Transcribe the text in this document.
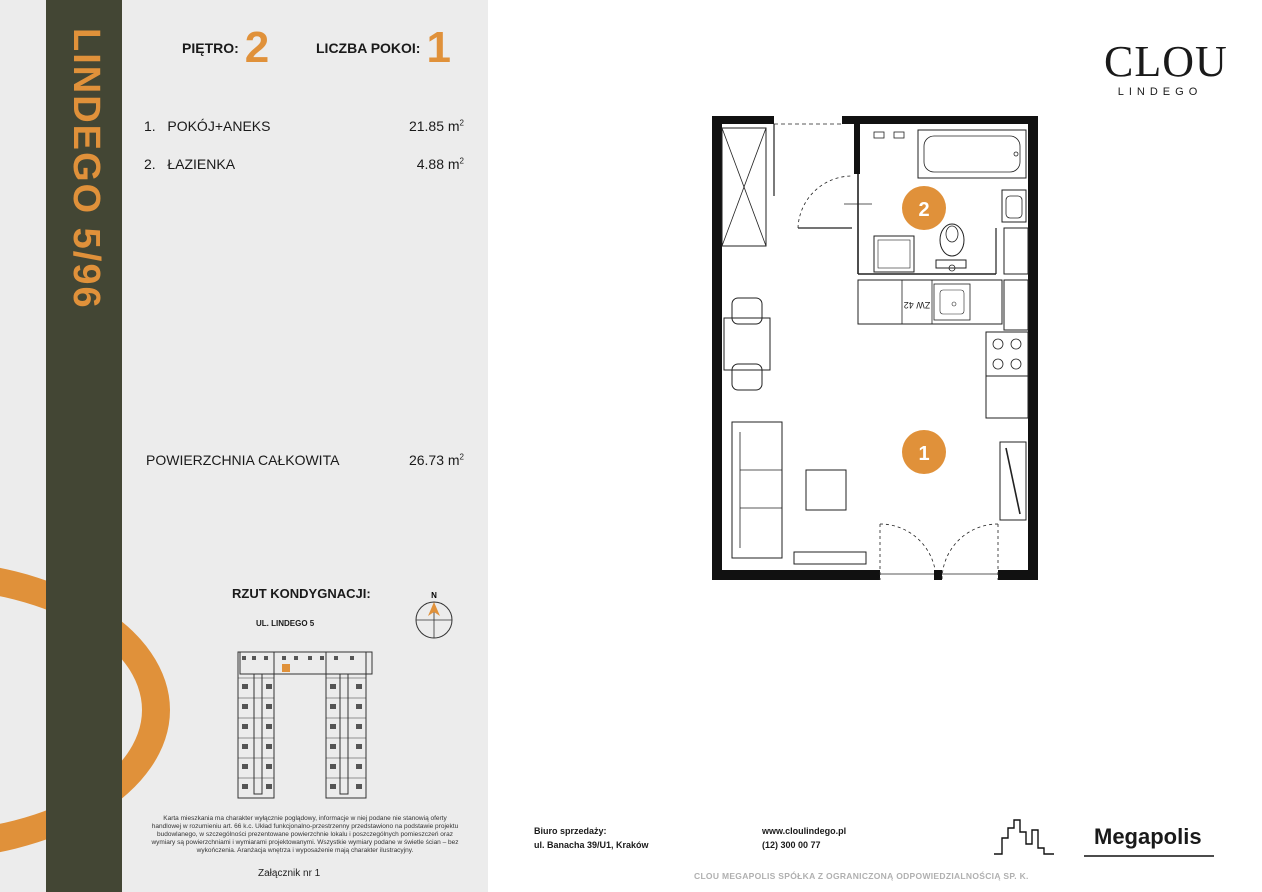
LINDEGO 5/96	PIĘTRO: 2	LICZBA POKOI: 1
1. POKÓJ+ANEKS	21.85 $m^2$
2. ŁAZIENKA	4.88 $m^2$
POWIERZCHNIA CAŁKOWITA	26.73 $m^2$
RZUT KONDYGNACJI:
UL. LINDEGO 5
N
Karta mieszkania ma charakter wyłącznie poglądowy, informacje w niej podane nie stanowią oferty handlowej w rozumieniu art. 66 k.c. Układ funkcjonalno-przestrzenny przedstawiono na podstawie projektu budowlanego, w szczególności prezentowane powierzchnie lokalu i poszczególnych pomieszczeń oraz wymiary są powierzchniami i wymiarami projektowanymi. Wszystkie wymiary podane w świetle ścian – bez wykończenia. Aranżacja wnętrza i wyposażenie mają charakter ilustracyjny.
Załącznik nr 1
CLOU
LINDEGO
ZW 42
2
1
Biuro sprzedaży:
ul. Banacha 39/U1, Kraków
www.cloulindego.pl
(12) 300 00 77	Megapolis
CLOU MEGAPOLIS SPÓŁKA Z OGRANICZONĄ ODPOWIEDZIALNOŚCIĄ SP. K.
